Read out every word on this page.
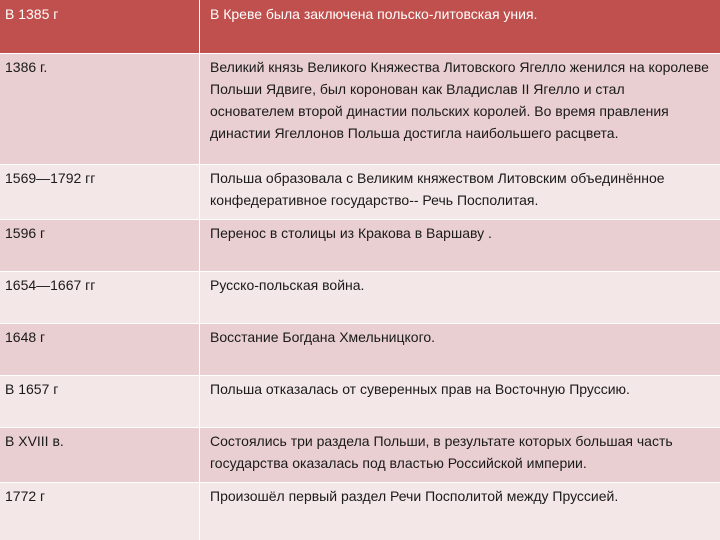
В 1385 г	В Креве была заключена польско-литовская уния.
1386 г.	Великий князь Великого Княжества Литовского Ягелло женился на королеве Польши Ядвиге, был коронован как Владислав II Ягелло и стал основателем второй династии польских королей. Во время правления династии Ягеллонов Польша достигла наибольшего расцвета.
1569—1792 гг	Польша образовала с Великим княжеством Литовским объединённое конфедеративное государство-- Речь Посполитая.
1596 г	Перенос в столицы из Кракова в Варшаву .
1654—1667 гг	Русско-польская война.
1648 г	Восстание Богдана Хмельницкого.
В 1657 г	Польша отказалась от суверенных прав на Восточную Пруссию.
В XVIII в.	Состоялись три раздела Польши, в результате которых большая часть государства оказалась под властью Российской империи.
1772 г	Произошёл первый раздел Речи Посполитой между Пруссией.
